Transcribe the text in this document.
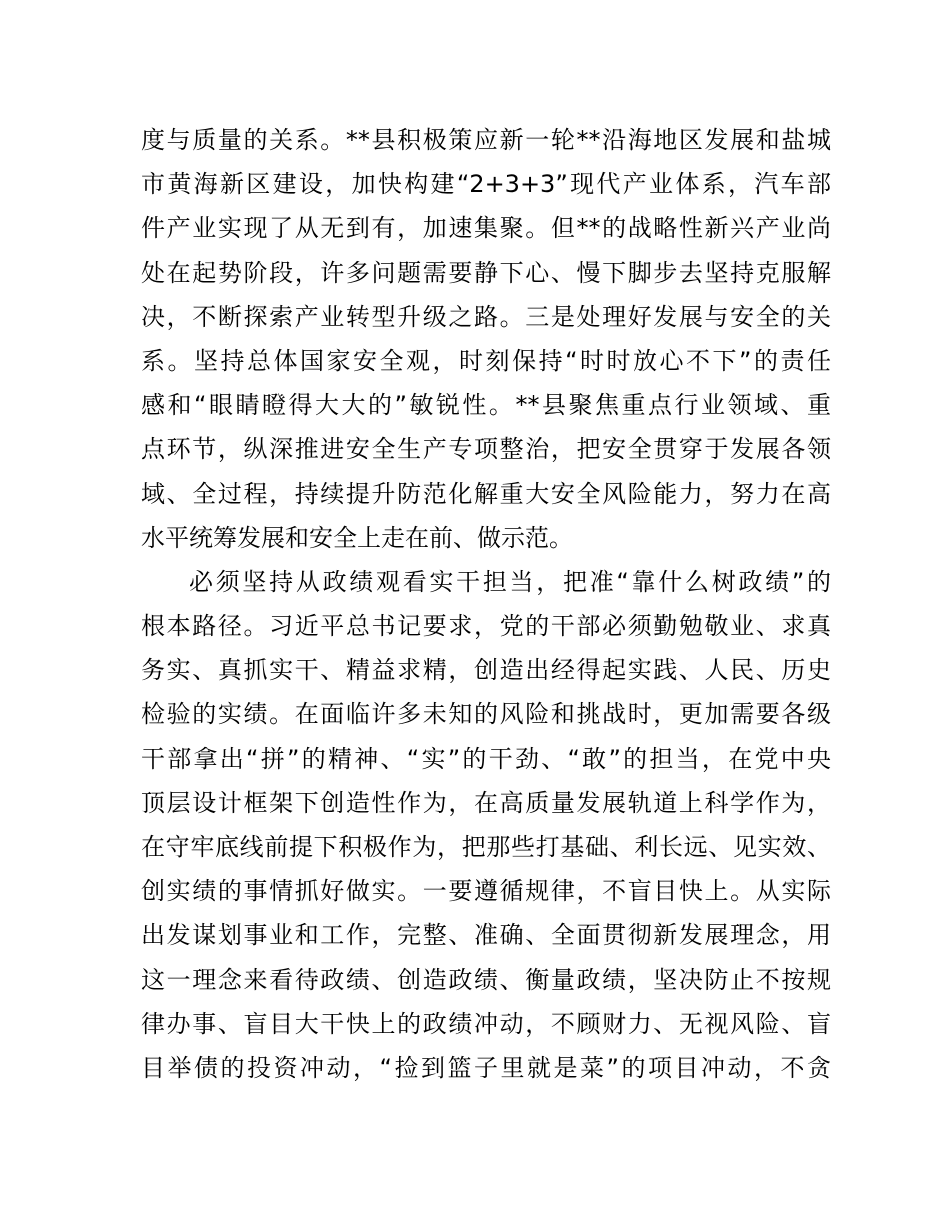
度与质量的关系。**县积极策应新一轮**沿海地区发展和盐城
市黄海新区建设，加快构建“2+3+3”现代产业体系，汽车部
件产业实现了从无到有，加速集聚。但**的战略性新兴产业尚
处在起势阶段，许多问题需要静下心、慢下脚步去坚持克服解
决，不断探索产业转型升级之路。三是处理好发展与安全的关
系。坚持总体国家安全观，时刻保持“时时放心不下”的责任
感和“眼睛瞪得大大的”敏锐性。**县聚焦重点行业领域、重
点环节，纵深推进安全生产专项整治，把安全贯穿于发展各领
域、全过程，持续提升防范化解重大安全风险能力，努力在高
水平统筹发展和安全上走在前、做示范。
必须坚持从政绩观看实干担当，把准“靠什么树政绩”的
根本路径。习近平总书记要求，党的干部必须勤勉敬业、求真
务实、真抓实干、精益求精，创造出经得起实践、人民、历史
检验的实绩。在面临许多未知的风险和挑战时，更加需要各级
干部拿出“拼”的精神、“实”的干劲、“敢”的担当，在党中央
顶层设计框架下创造性作为，在高质量发展轨道上科学作为，
在守牢底线前提下积极作为，把那些打基础、利长远、见实效、
创实绩的事情抓好做实。一要遵循规律，不盲目快上。从实际
出发谋划事业和工作，完整、准确、全面贯彻新发展理念，用
这一理念来看待政绩、创造政绩、衡量政绩，坚决防止不按规
律办事、盲目大干快上的政绩冲动，不顾财力、无视风险、盲
目举债的投资冲动，“捡到篮子里就是菜”的项目冲动，不贪
